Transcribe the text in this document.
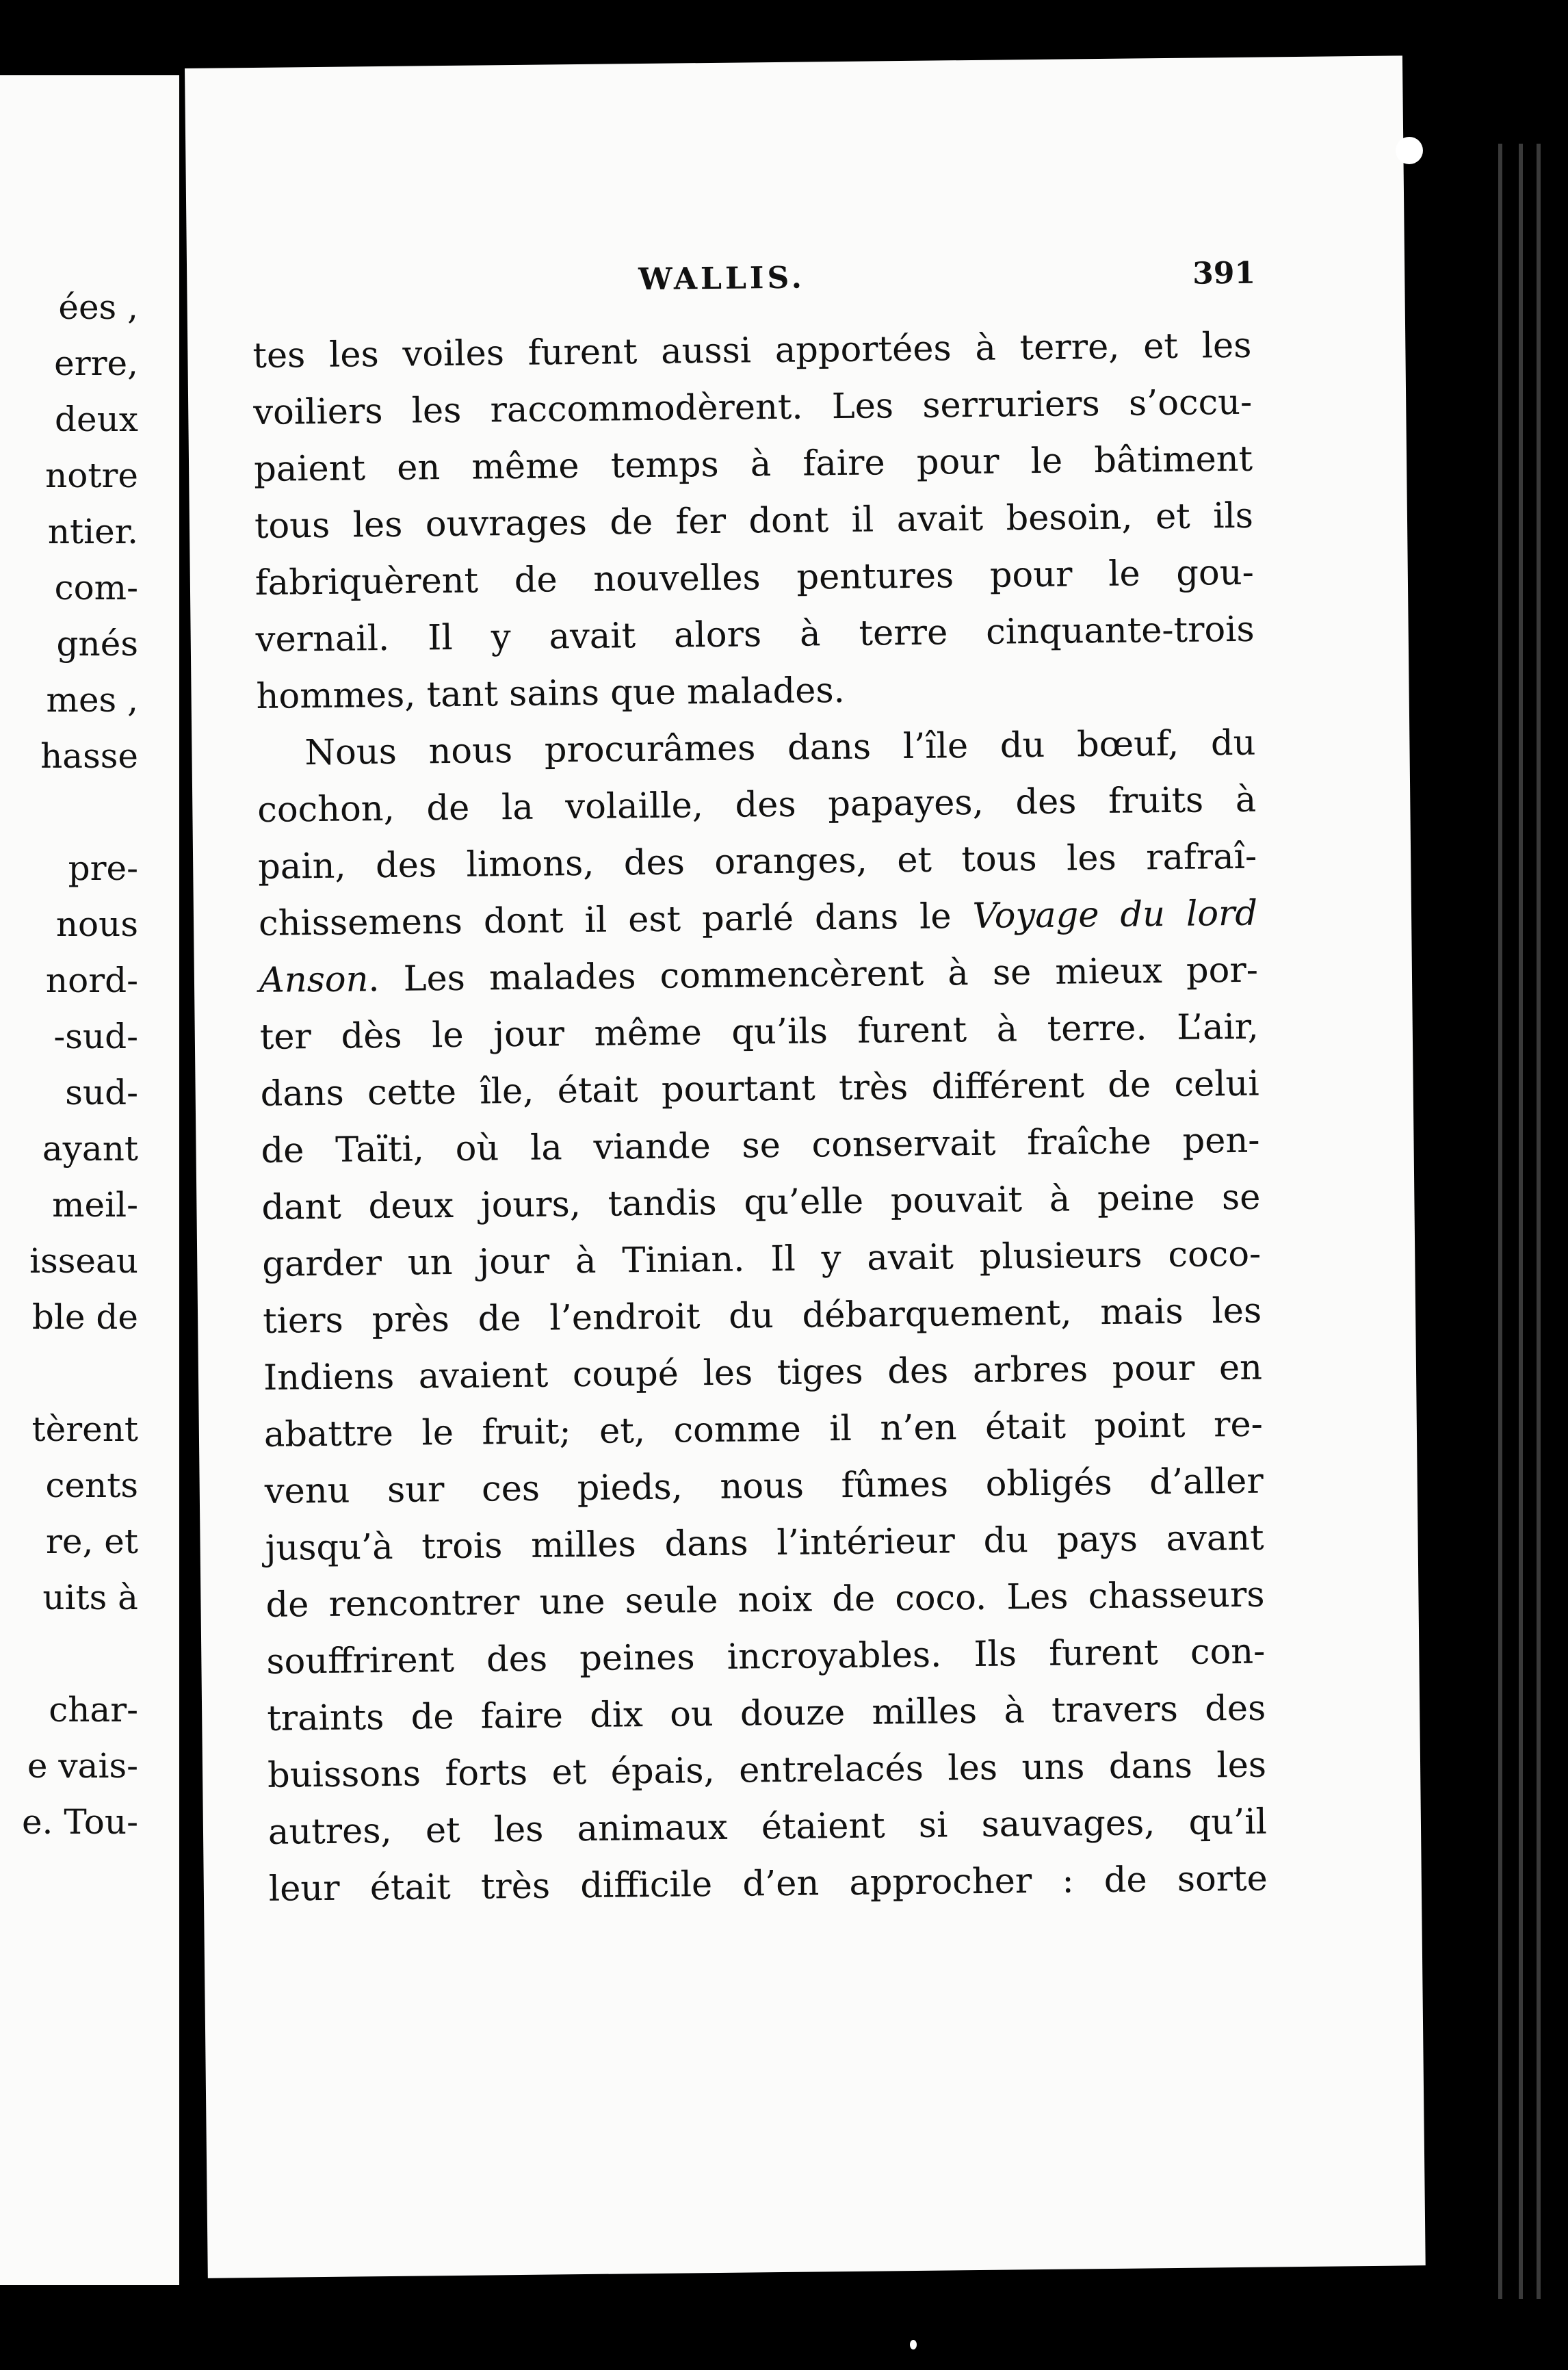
ées ,
erre,
deux
notre
ntier.
com-
gnés
mes ,
hasse
pre-
nous
nord-
-sud-
sud-
ayant
meil-
isseau
ble de
tèrent
cents
re, et
uits à
char-
e vais-
e. Tou-
WALLIS.	391
tes les voiles furent aussi apportées à terre, et les
voiliers les raccommodèrent. Les serruriers s’occu-
paient en même temps à faire pour le bâtiment
tous les ouvrages de fer dont il avait besoin, et ils
fabriquèrent de nouvelles pentures pour le gou-
vernail. Il y avait alors à terre cinquante-trois
hommes, tant sains que malades.
Nous nous procurâmes dans l’île du bœuf, du
cochon, de la volaille, des papayes, des fruits à
pain, des limons, des oranges, et tous les rafraî-
chissemens dont il est parlé dans le Voyage du lord
Anson. Les malades commencèrent à se mieux por-
ter dès le jour même qu’ils furent à terre. L’air,
dans cette île, était pourtant très différent de celui
de Taïti, où la viande se conservait fraîche pen-
dant deux jours, tandis qu’elle pouvait à peine se
garder un jour à Tinian. Il y avait plusieurs coco-
tiers près de l’endroit du débarquement, mais les
Indiens avaient coupé les tiges des arbres pour en
abattre le fruit; et, comme il n’en était point re-
venu sur ces pieds, nous fûmes obligés d’aller
jusqu’à trois milles dans l’intérieur du pays avant
de rencontrer une seule noix de coco. Les chasseurs
souffrirent des peines incroyables. Ils furent con-
traints de faire dix ou douze milles à travers des
buissons forts et épais, entrelacés les uns dans les
autres, et les animaux étaient si sauvages, qu’il
leur était très difficile d’en approcher : de sorte
